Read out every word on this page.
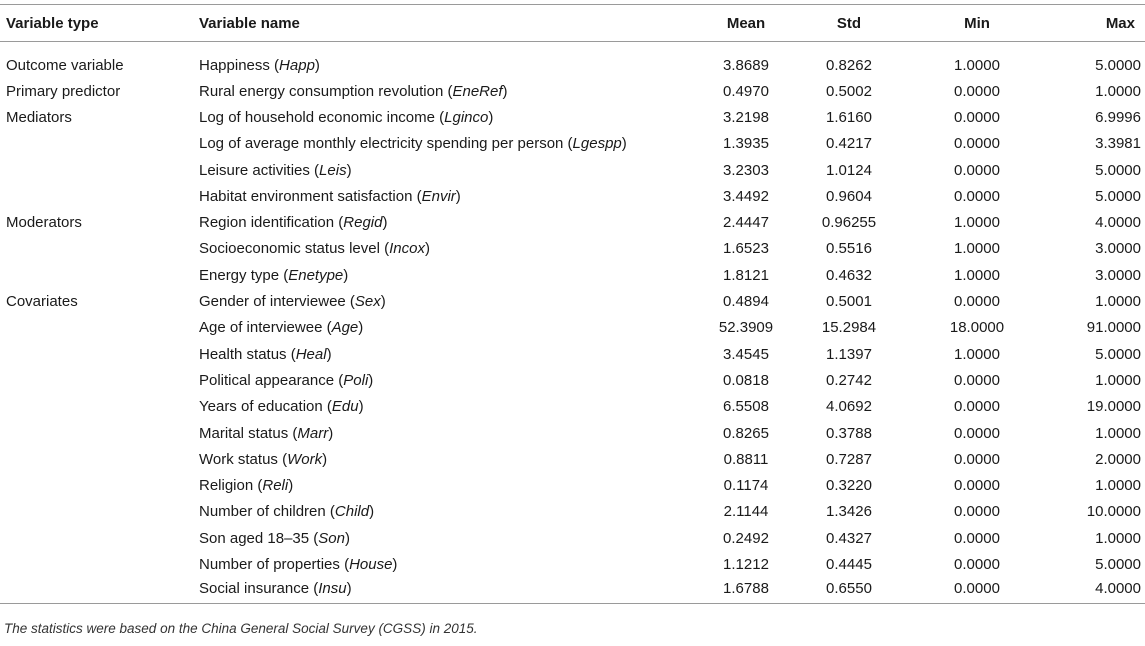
Variable type	Variable name	Mean	Std	Min	Max
Outcome variable	Happiness (Happ)	3.8689	0.8262	1.0000	5.0000
Primary predictor	Rural energy consumption revolution (EneRef)	0.4970	0.5002	0.0000	1.0000
Mediators	Log of household economic income (Lginco)	3.2198	1.6160	0.0000	6.9996
	Log of average monthly electricity spending per person (Lgespp)	1.3935	0.4217	0.0000	3.3981
	Leisure activities (Leis)	3.2303	1.0124	0.0000	5.0000
	Habitat environment satisfaction (Envir)	3.4492	0.9604	0.0000	5.0000
Moderators	Region identification (Regid)	2.4447	0.96255	1.0000	4.0000
	Socioeconomic status level (Incox)	1.6523	0.5516	1.0000	3.0000
	Energy type (Enetype)	1.8121	0.4632	1.0000	3.0000
Covariates	Gender of interviewee (Sex)	0.4894	0.5001	0.0000	1.0000
	Age of interviewee (Age)	52.3909	15.2984	18.0000	91.0000
	Health status (Heal)	3.4545	1.1397	1.0000	5.0000
	Political appearance (Poli)	0.0818	0.2742	0.0000	1.0000
	Years of education (Edu)	6.5508	4.0692	0.0000	19.0000
	Marital status (Marr)	0.8265	0.3788	0.0000	1.0000
	Work status (Work)	0.8811	0.7287	0.0000	2.0000
	Religion (Reli)	0.1174	0.3220	0.0000	1.0000
	Number of children (Child)	2.1144	1.3426	0.0000	10.0000
	Son aged 18–35 (Son)	0.2492	0.4327	0.0000	1.0000
	Number of properties (House)	1.1212	0.4445	0.0000	5.0000
	Social insurance (Insu)	1.6788	0.6550	0.0000	4.0000
The statistics were based on the China General Social Survey (CGSS) in 2015.
